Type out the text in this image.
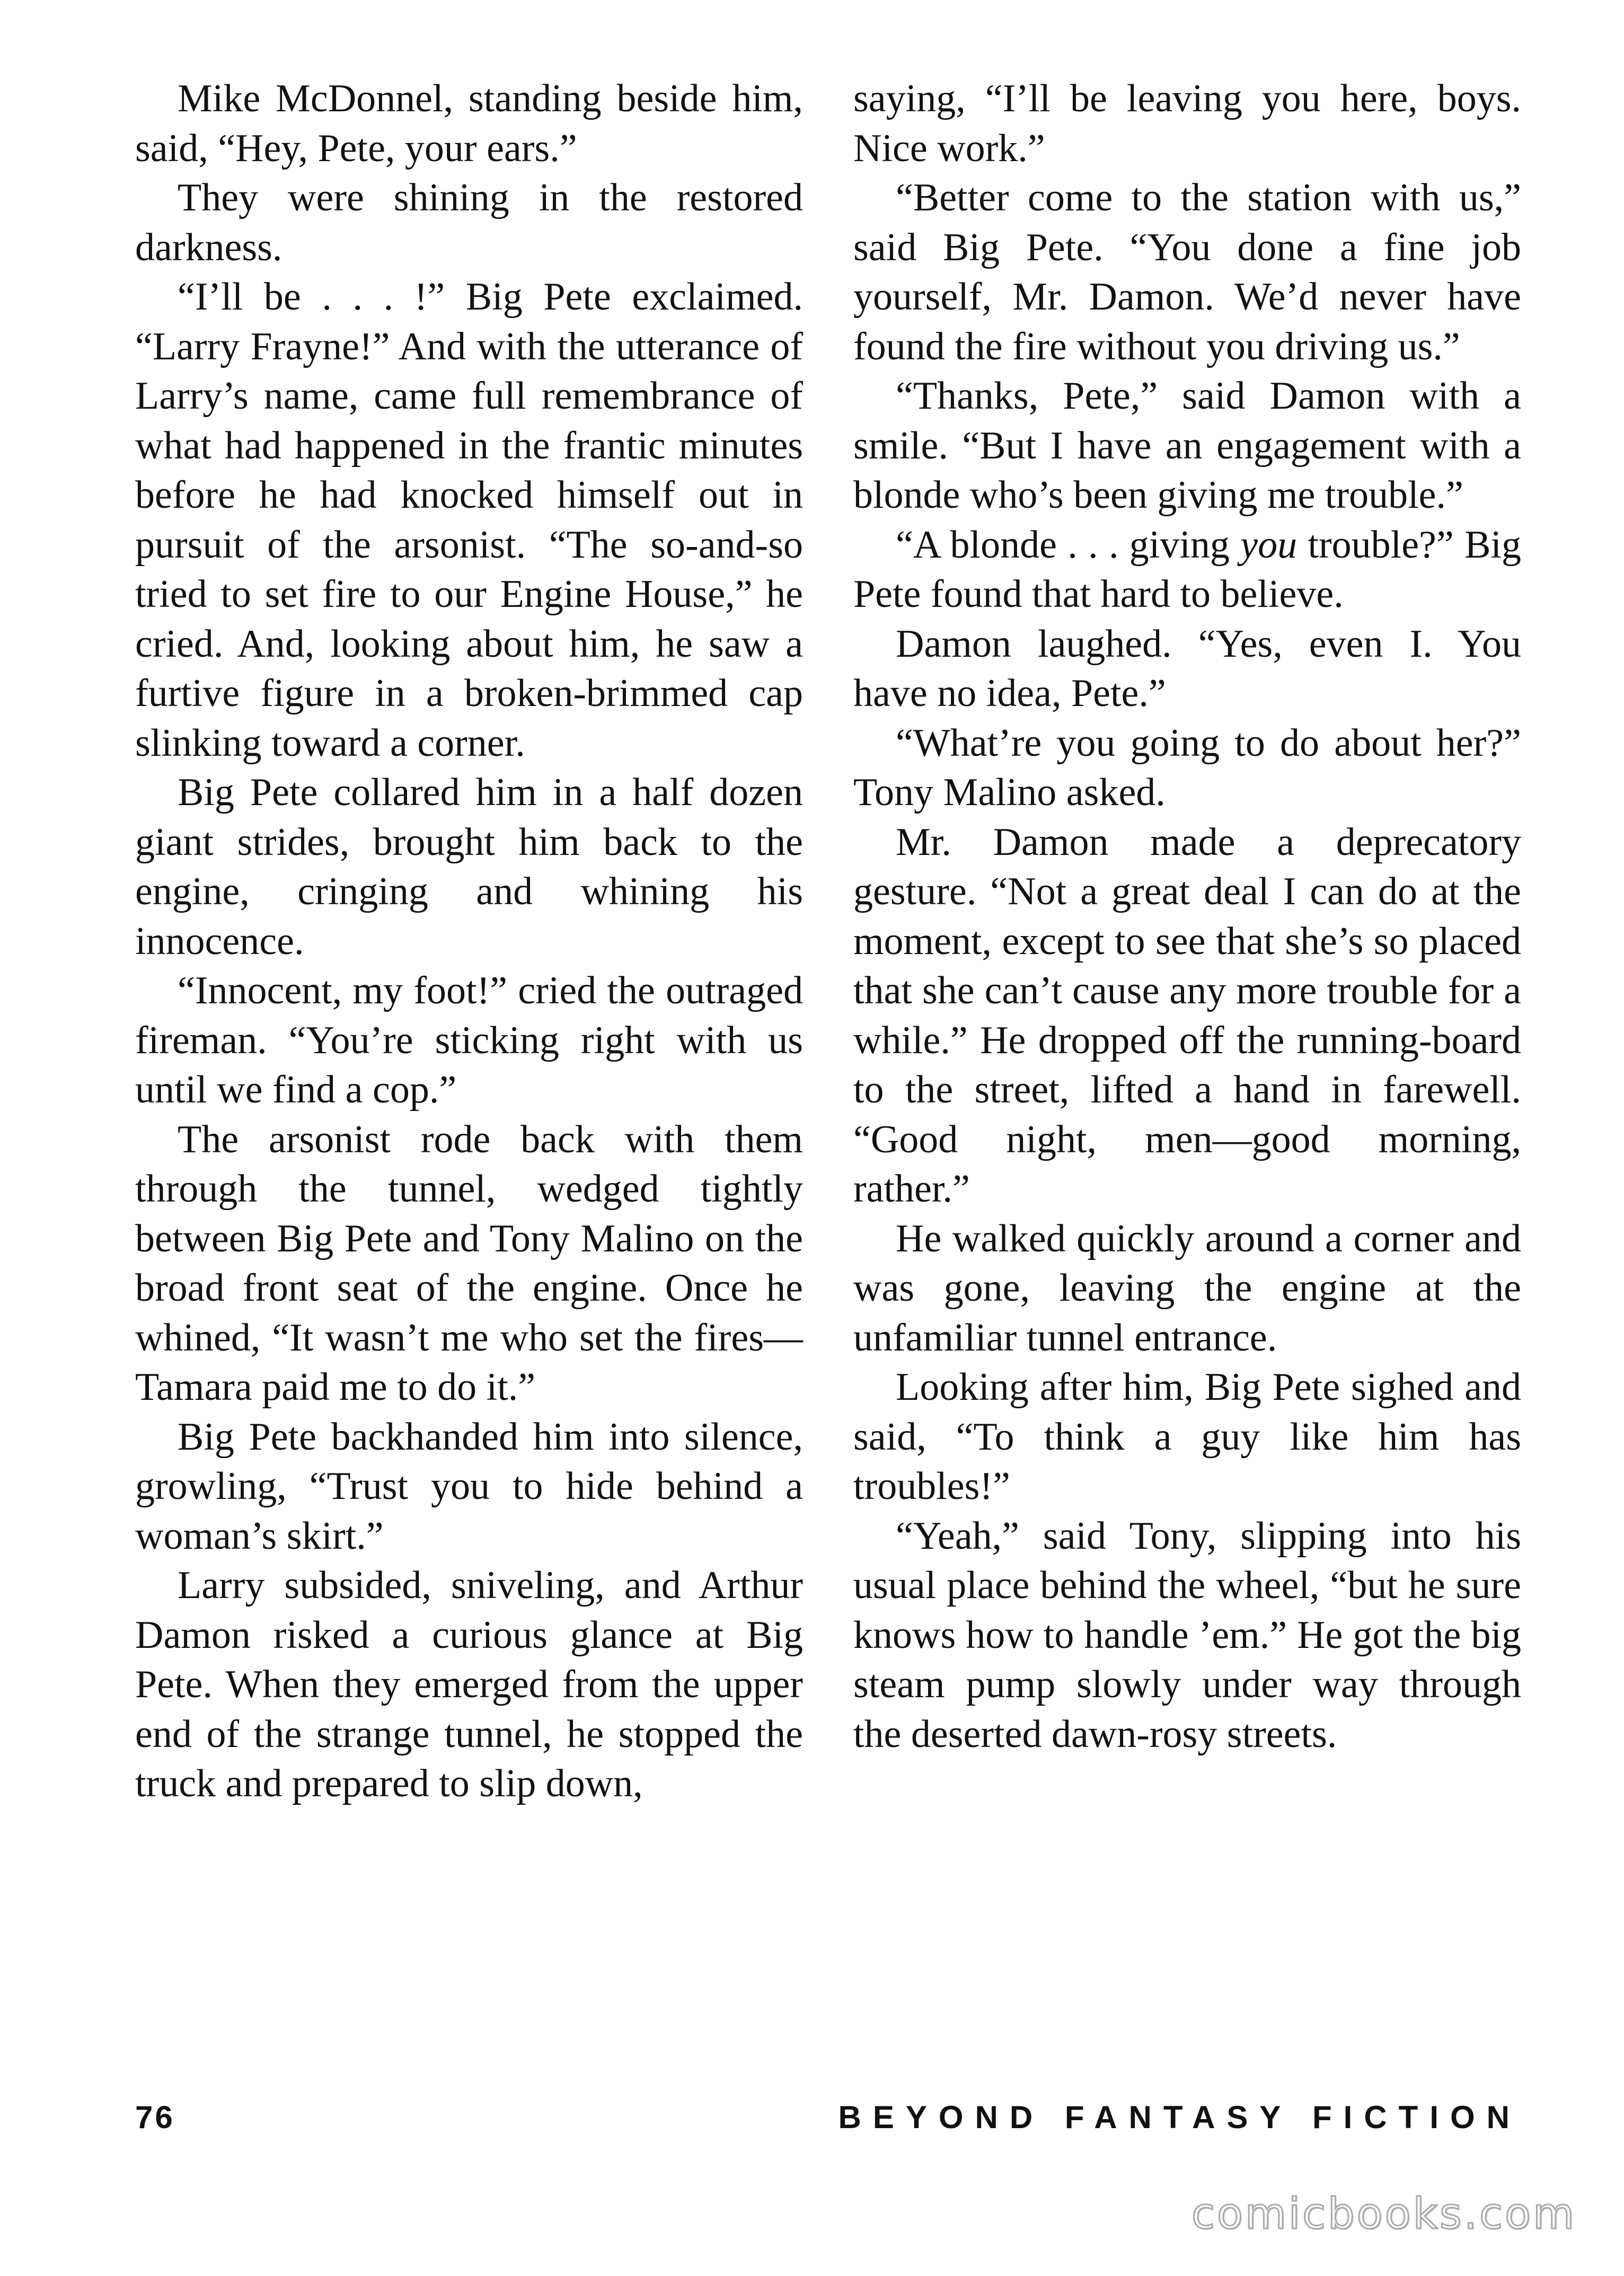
Mike McDonnel, standing beside him, said, “Hey, Pete, your ears.”

They were shining in the restored darkness.

“I’ll be . . . !” Big Pete exclaimed. “Larry Frayne!” And with the utterance of Larry’s name, came full remembrance of what had happened in the frantic minutes before he had knocked himself out in pursuit of the arsonist. “The so-and-so tried to set fire to our Engine House,” he cried. And, looking about him, he saw a furtive figure in a broken-brimmed cap slinking toward a corner.

Big Pete collared him in a half dozen giant strides, brought him back to the engine, cringing and whining his innocence.

“Innocent, my foot!” cried the outraged fireman. “You’re sticking right with us until we find a cop.”

The arsonist rode back with them through the tunnel, wedged tightly between Big Pete and Tony Malino on the broad front seat of the engine. Once he whined, “It wasn’t me who set the fires—Tamara paid me to do it.”

Big Pete backhanded him into silence, growling, “Trust you to hide behind a woman’s skirt.”

Larry subsided, sniveling, and Arthur Damon risked a curious glance at Big Pete. When they emerged from the upper end of the strange tunnel, he stopped the truck and prepared to slip down,

saying, “I’ll be leaving you here, boys. Nice work.”

“Better come to the station with us,” said Big Pete. “You done a fine job yourself, Mr. Damon. We’d never have found the fire without you driving us.”

“Thanks, Pete,” said Damon with a smile. “But I have an engagement with a blonde who’s been giving me trouble.”

“A blonde . . . giving you trouble?” Big Pete found that hard to believe.

Damon laughed. “Yes, even I. You have no idea, Pete.”

“What’re you going to do about her?” Tony Malino asked.

Mr. Damon made a deprecatory gesture. “Not a great deal I can do at the moment, except to see that she’s so placed that she can’t cause any more trouble for a while.” He dropped off the running-board to the street, lifted a hand in farewell. “Good night, men—good morning, rather.”

He walked quickly around a corner and was gone, leaving the engine at the unfamiliar tunnel entrance.

Looking after him, Big Pete sighed and said, “To think a guy like him has troubles!”

“Yeah,” said Tony, slipping into his usual place behind the wheel, “but he sure knows how to handle ’em.” He got the big steam pump slowly under way through the deserted dawn-rosy streets.

76	BEYOND FANTASY FICTION
comicbooks.com
